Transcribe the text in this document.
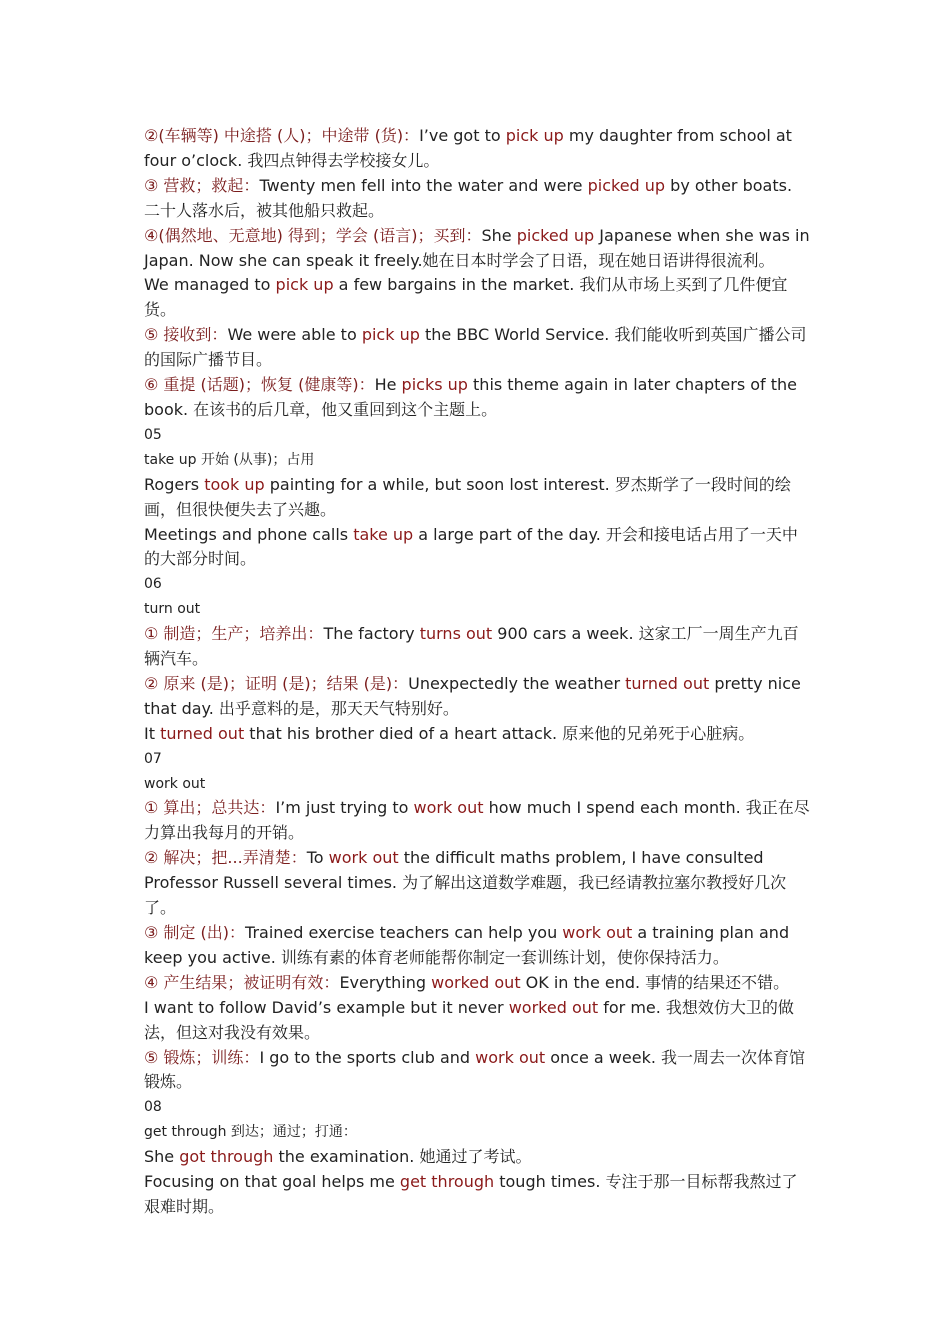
②(车辆等) 中途搭 (人)；中途带 (货)：I’ve got to pick up my daughter from school at four o’clock. 我四点钟得去学校接女儿。
③ 营救；救起：Twenty men fell into the water and were picked up by other boats. 二十人落水后，被其他船只救起。
④(偶然地、无意地) 得到；学会 (语言)；买到：She picked up Japanese when she was in Japan. Now she can speak it freely.她在日本时学会了日语，现在她日语讲得很流利。
We managed to pick up a few bargains in the market. 我们从市场上买到了几件便宜货。
⑤ 接收到：We were able to pick up the BBC World Service. 我们能收听到英国广播公司的国际广播节目。
⑥ 重提 (话题)；恢复 (健康等)：He picks up this theme again in later chapters of the book. 在该书的后几章，他又重回到这个主题上。
05
take up 开始 (从事)；占用
Rogers took up painting for a while, but soon lost interest. 罗杰斯学了一段时间的绘画，但很快便失去了兴趣。
Meetings and phone calls take up a large part of the day. 开会和接电话占用了一天中的大部分时间。
06
turn out
① 制造；生产；培养出：The factory turns out 900 cars a week. 这家工厂一周生产九百辆汽车。
② 原来 (是)；证明 (是)；结果 (是)：Unexpectedly the weather turned out pretty nice that day. 出乎意料的是，那天天气特别好。
It turned out that his brother died of a heart attack. 原来他的兄弟死于心脏病。
07
work out
① 算出；总共达：I’m just trying to work out how much I spend each month. 我正在尽力算出我每月的开销。
② 解决；把...弄清楚：To work out the difficult maths problem, I have consulted Professor Russell several times. 为了解出这道数学难题，我已经请教拉塞尔教授好几次了。
③ 制定 (出)：Trained exercise teachers can help you work out a training plan and keep you active. 训练有素的体育老师能帮你制定一套训练计划，使你保持活力。
④ 产生结果；被证明有效：Everything worked out OK in the end. 事情的结果还不错。
I want to follow David’s example but it never worked out for me. 我想效仿大卫的做法，但这对我没有效果。
⑤ 锻炼；训练：I go to the sports club and work out once a week. 我一周去一次体育馆锻炼。
08
get through 到达；通过；打通：
She got through the examination. 她通过了考试。
Focusing on that goal helps me get through tough times. 专注于那一目标帮我熬过了艰难时期。
